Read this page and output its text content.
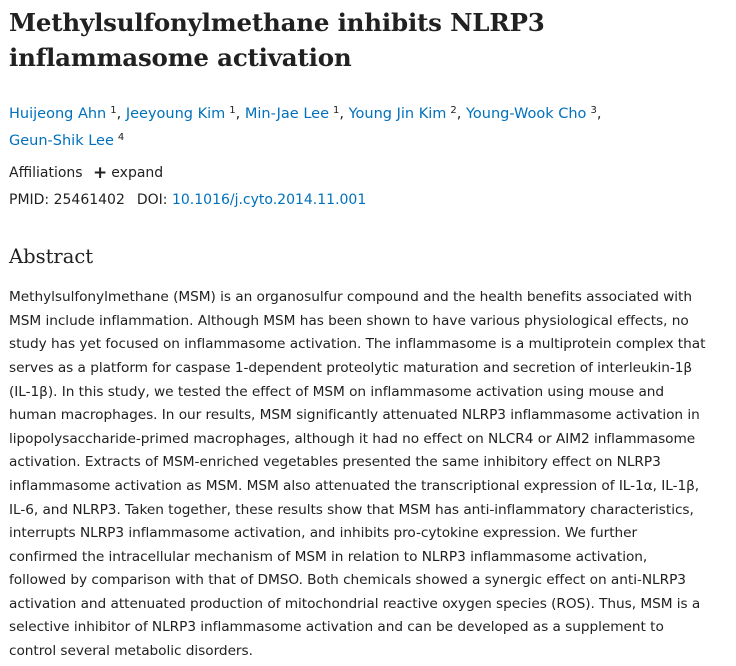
Methylsulfonylmethane inhibits NLRP3
inflammasome activation
Huijeong Ahn $^1$, Jeeyoung Kim $^1$, Min-Jae Lee $^1$, Young Jin Kim $^2$, Young-Wook Cho $^3$,
Geun-Shik Lee $^4$
Affiliations + expand
PMID: 25461402 DOI: 10.1016/j.cyto.2014.11.001
Abstract
Methylsulfonylmethane (MSM) is an organosulfur compound and the health benefits associated with
MSM include inflammation. Although MSM has been shown to have various physiological effects, no
study has yet focused on inflammasome activation. The inflammasome is a multiprotein complex that
serves as a platform for caspase 1-dependent proteolytic maturation and secretion of interleukin-1β
(IL-1β). In this study, we tested the effect of MSM on inflammasome activation using mouse and
human macrophages. In our results, MSM significantly attenuated NLRP3 inflammasome activation in
lipopolysaccharide-primed macrophages, although it had no effect on NLCR4 or AIM2 inflammasome
activation. Extracts of MSM-enriched vegetables presented the same inhibitory effect on NLRP3
inflammasome activation as MSM. MSM also attenuated the transcriptional expression of IL-1α, IL-1β,
IL-6, and NLRP3. Taken together, these results show that MSM has anti-inflammatory characteristics,
interrupts NLRP3 inflammasome activation, and inhibits pro-cytokine expression. We further
confirmed the intracellular mechanism of MSM in relation to NLRP3 inflammasome activation,
followed by comparison with that of DMSO. Both chemicals showed a synergic effect on anti-NLRP3
activation and attenuated production of mitochondrial reactive oxygen species (ROS). Thus, MSM is a
selective inhibitor of NLRP3 inflammasome activation and can be developed as a supplement to
control several metabolic disorders.
